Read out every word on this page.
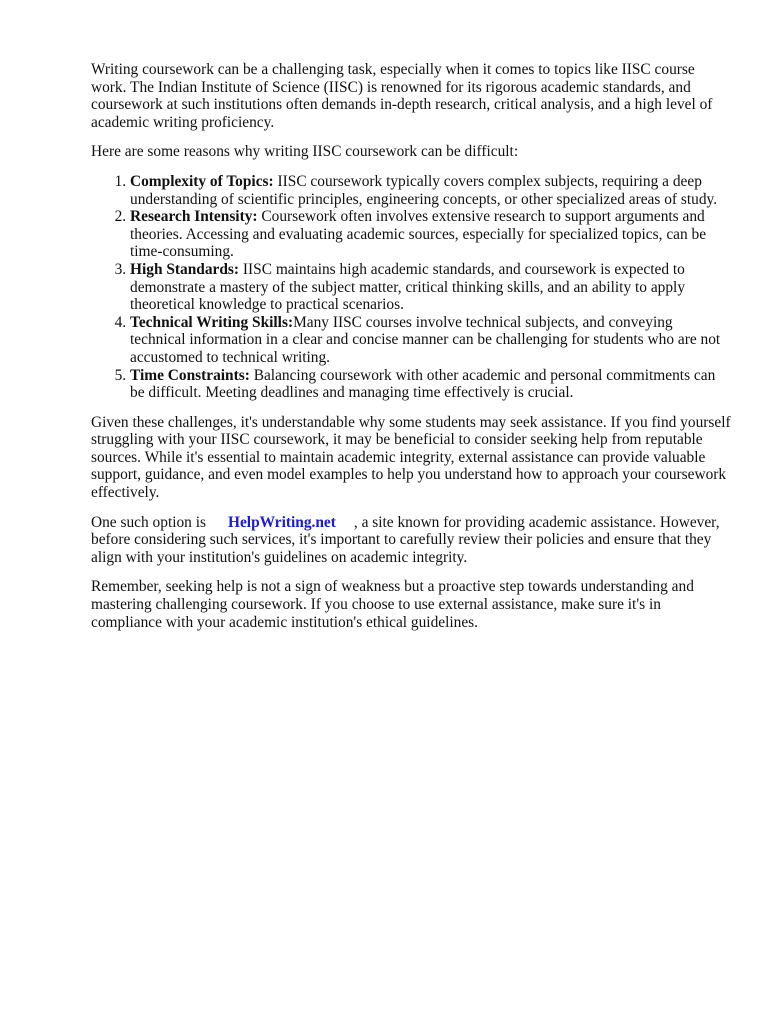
Writing coursework can be a challenging task, especially when it comes to topics like IISC course work. The Indian Institute of Science (IISC) is renowned for its rigorous academic standards, and coursework at such institutions often demands in-depth research, critical analysis, and a high level of academic writing proficiency.

Here are some reasons why writing IISC coursework can be difficult:

1. Complexity of Topics: IISC coursework typically covers complex subjects, requiring a deep understanding of scientific principles, engineering concepts, or other specialized areas of study.
2. Research Intensity: Coursework often involves extensive research to support arguments and theories. Accessing and evaluating academic sources, especially for specialized topics, can be time-consuming.
3. High Standards: IISC maintains high academic standards, and coursework is expected to demonstrate a mastery of the subject matter, critical thinking skills, and an ability to apply theoretical knowledge to practical scenarios.
4. Technical Writing Skills:Many IISC courses involve technical subjects, and conveying technical information in a clear and concise manner can be challenging for students who are not accustomed to technical writing.
5. Time Constraints: Balancing coursework with other academic and personal commitments can be difficult. Meeting deadlines and managing time effectively is crucial.

Given these challenges, it's understandable why some students may seek assistance. If you find yourself struggling with your IISC coursework, it may be beneficial to consider seeking help from reputable sources. While it's essential to maintain academic integrity, external assistance can provide valuable support, guidance, and even model examples to help you understand how to approach your coursework effectively.

One such option is HelpWriting.net , a site known for providing academic assistance. However, before considering such services, it's important to carefully review their policies and ensure that they align with your institution's guidelines on academic integrity.

Remember, seeking help is not a sign of weakness but a proactive step towards understanding and mastering challenging coursework. If you choose to use external assistance, make sure it's in compliance with your academic institution's ethical guidelines.
